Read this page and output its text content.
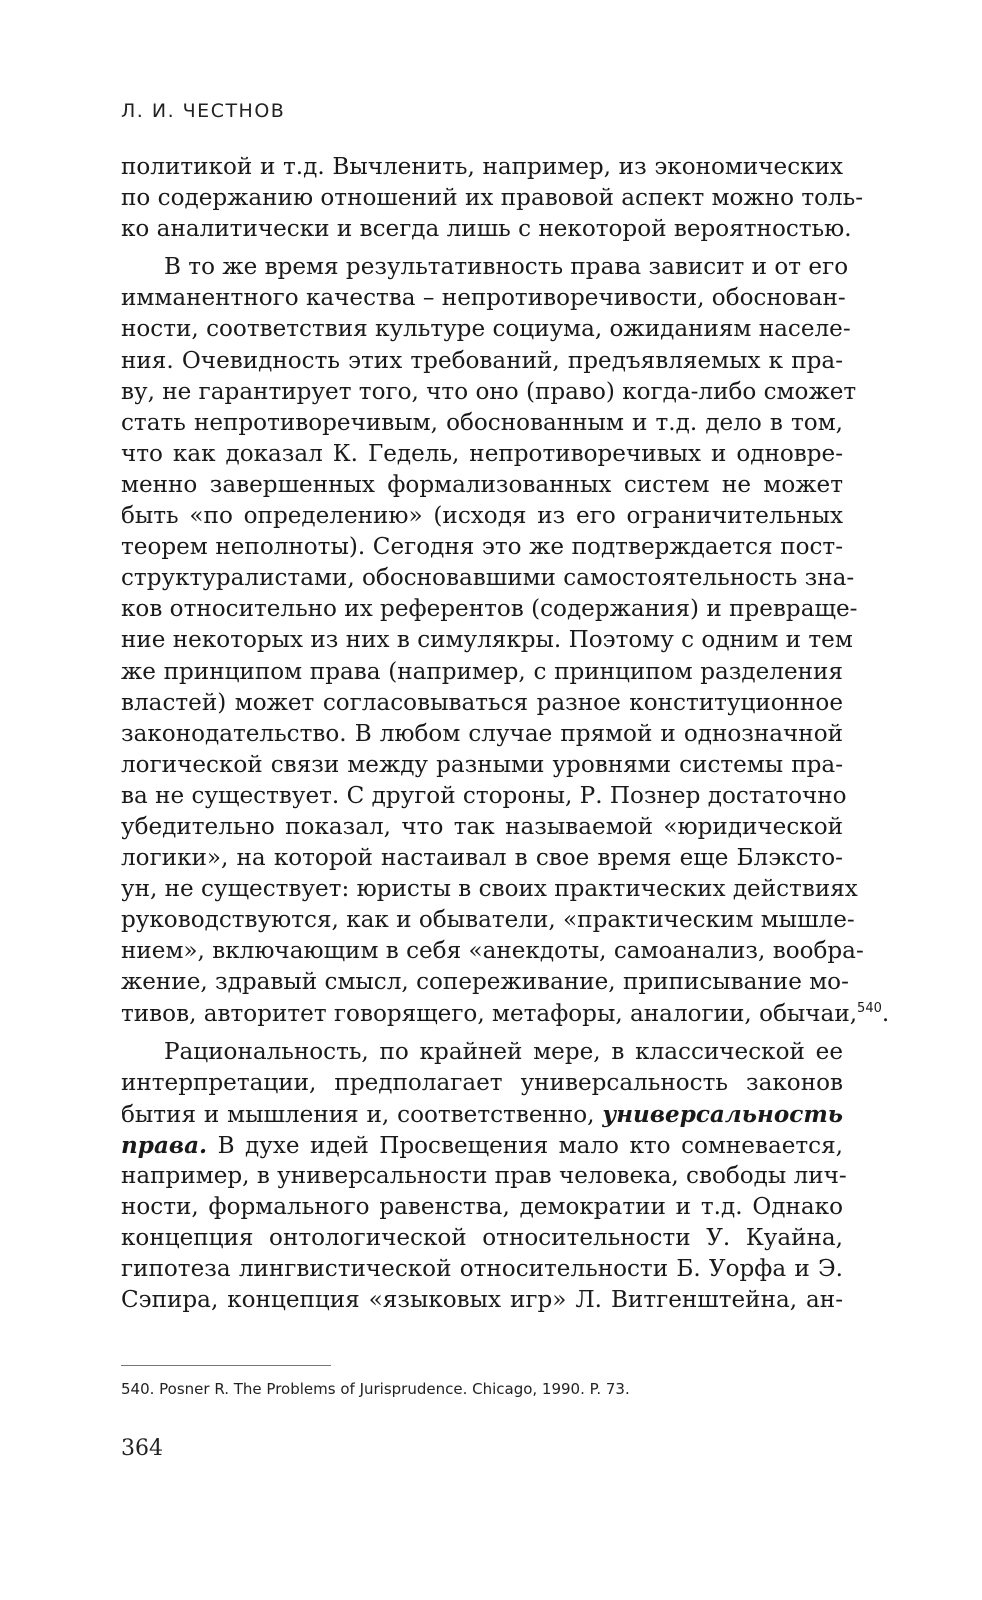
Л. И. ЧЕСТНОВ
политикой и т.д. Вычленить, например, из экономических
по содержанию отношений их правовой аспект можно толь-
ко аналитически и всегда лишь с некоторой вероятностью.
В то же время результативность права зависит и от его
имманентного качества – непротиворечивости, обоснован-
ности, соответствия культуре социума, ожиданиям населе-
ния. Очевидность этих требований, предъявляемых к пра-
ву, не гарантирует того, что оно (право) когда-либо сможет
стать непротиворечивым, обоснованным и т.д. дело в том,
что как доказал К. Гедель, непротиворечивых и одновре-
менно завершенных формализованных систем не может
быть «по определению» (исходя из его ограничительных
теорем неполноты). Сегодня это же подтверждается пост-
структуралистами, обосновавшими самостоятельность зна-
ков относительно их референтов (содержания) и превраще-
ние некоторых из них в симулякры. Поэтому с одним и тем
же принципом права (например, с принципом разделения
властей) может согласовываться разное конституционное
законодательство. В любом случае прямой и однозначной
логической связи между разными уровнями системы пра-
ва не существует. С другой стороны, Р. Познер достаточно
убедительно показал, что так называемой «юридической
логики», на которой настаивал в свое время еще Блэксто-
ун, не существует: юристы в своих практических действиях
руководствуются, как и обыватели, «практическим мышле-
нием», включающим в себя «анекдоты, самоанализ, вообра-
жение, здравый смысл, сопереживание, приписывание мо-
тивов, авторитет говорящего, метафоры, аналогии, обычаи,$^{540}$.
Рациональность, по крайней мере, в классической ее
интерпретации, предполагает универсальность законов
бытия и мышления и, соответственно, универсальность
права. В духе идей Просвещения мало кто сомневается,
например, в универсальности прав человека, свободы лич-
ности, формального равенства, демократии и т.д. Однако
концепция онтологической относительности У. Куайна,
гипотеза лингвистической относительности Б. Уорфа и Э.
Сэпира, концепция «языковых игр» Л. Витгенштейна, ан-
540. Posner R. The Problems of Jurisprudence. Chicago, 1990. P. 73.
364
